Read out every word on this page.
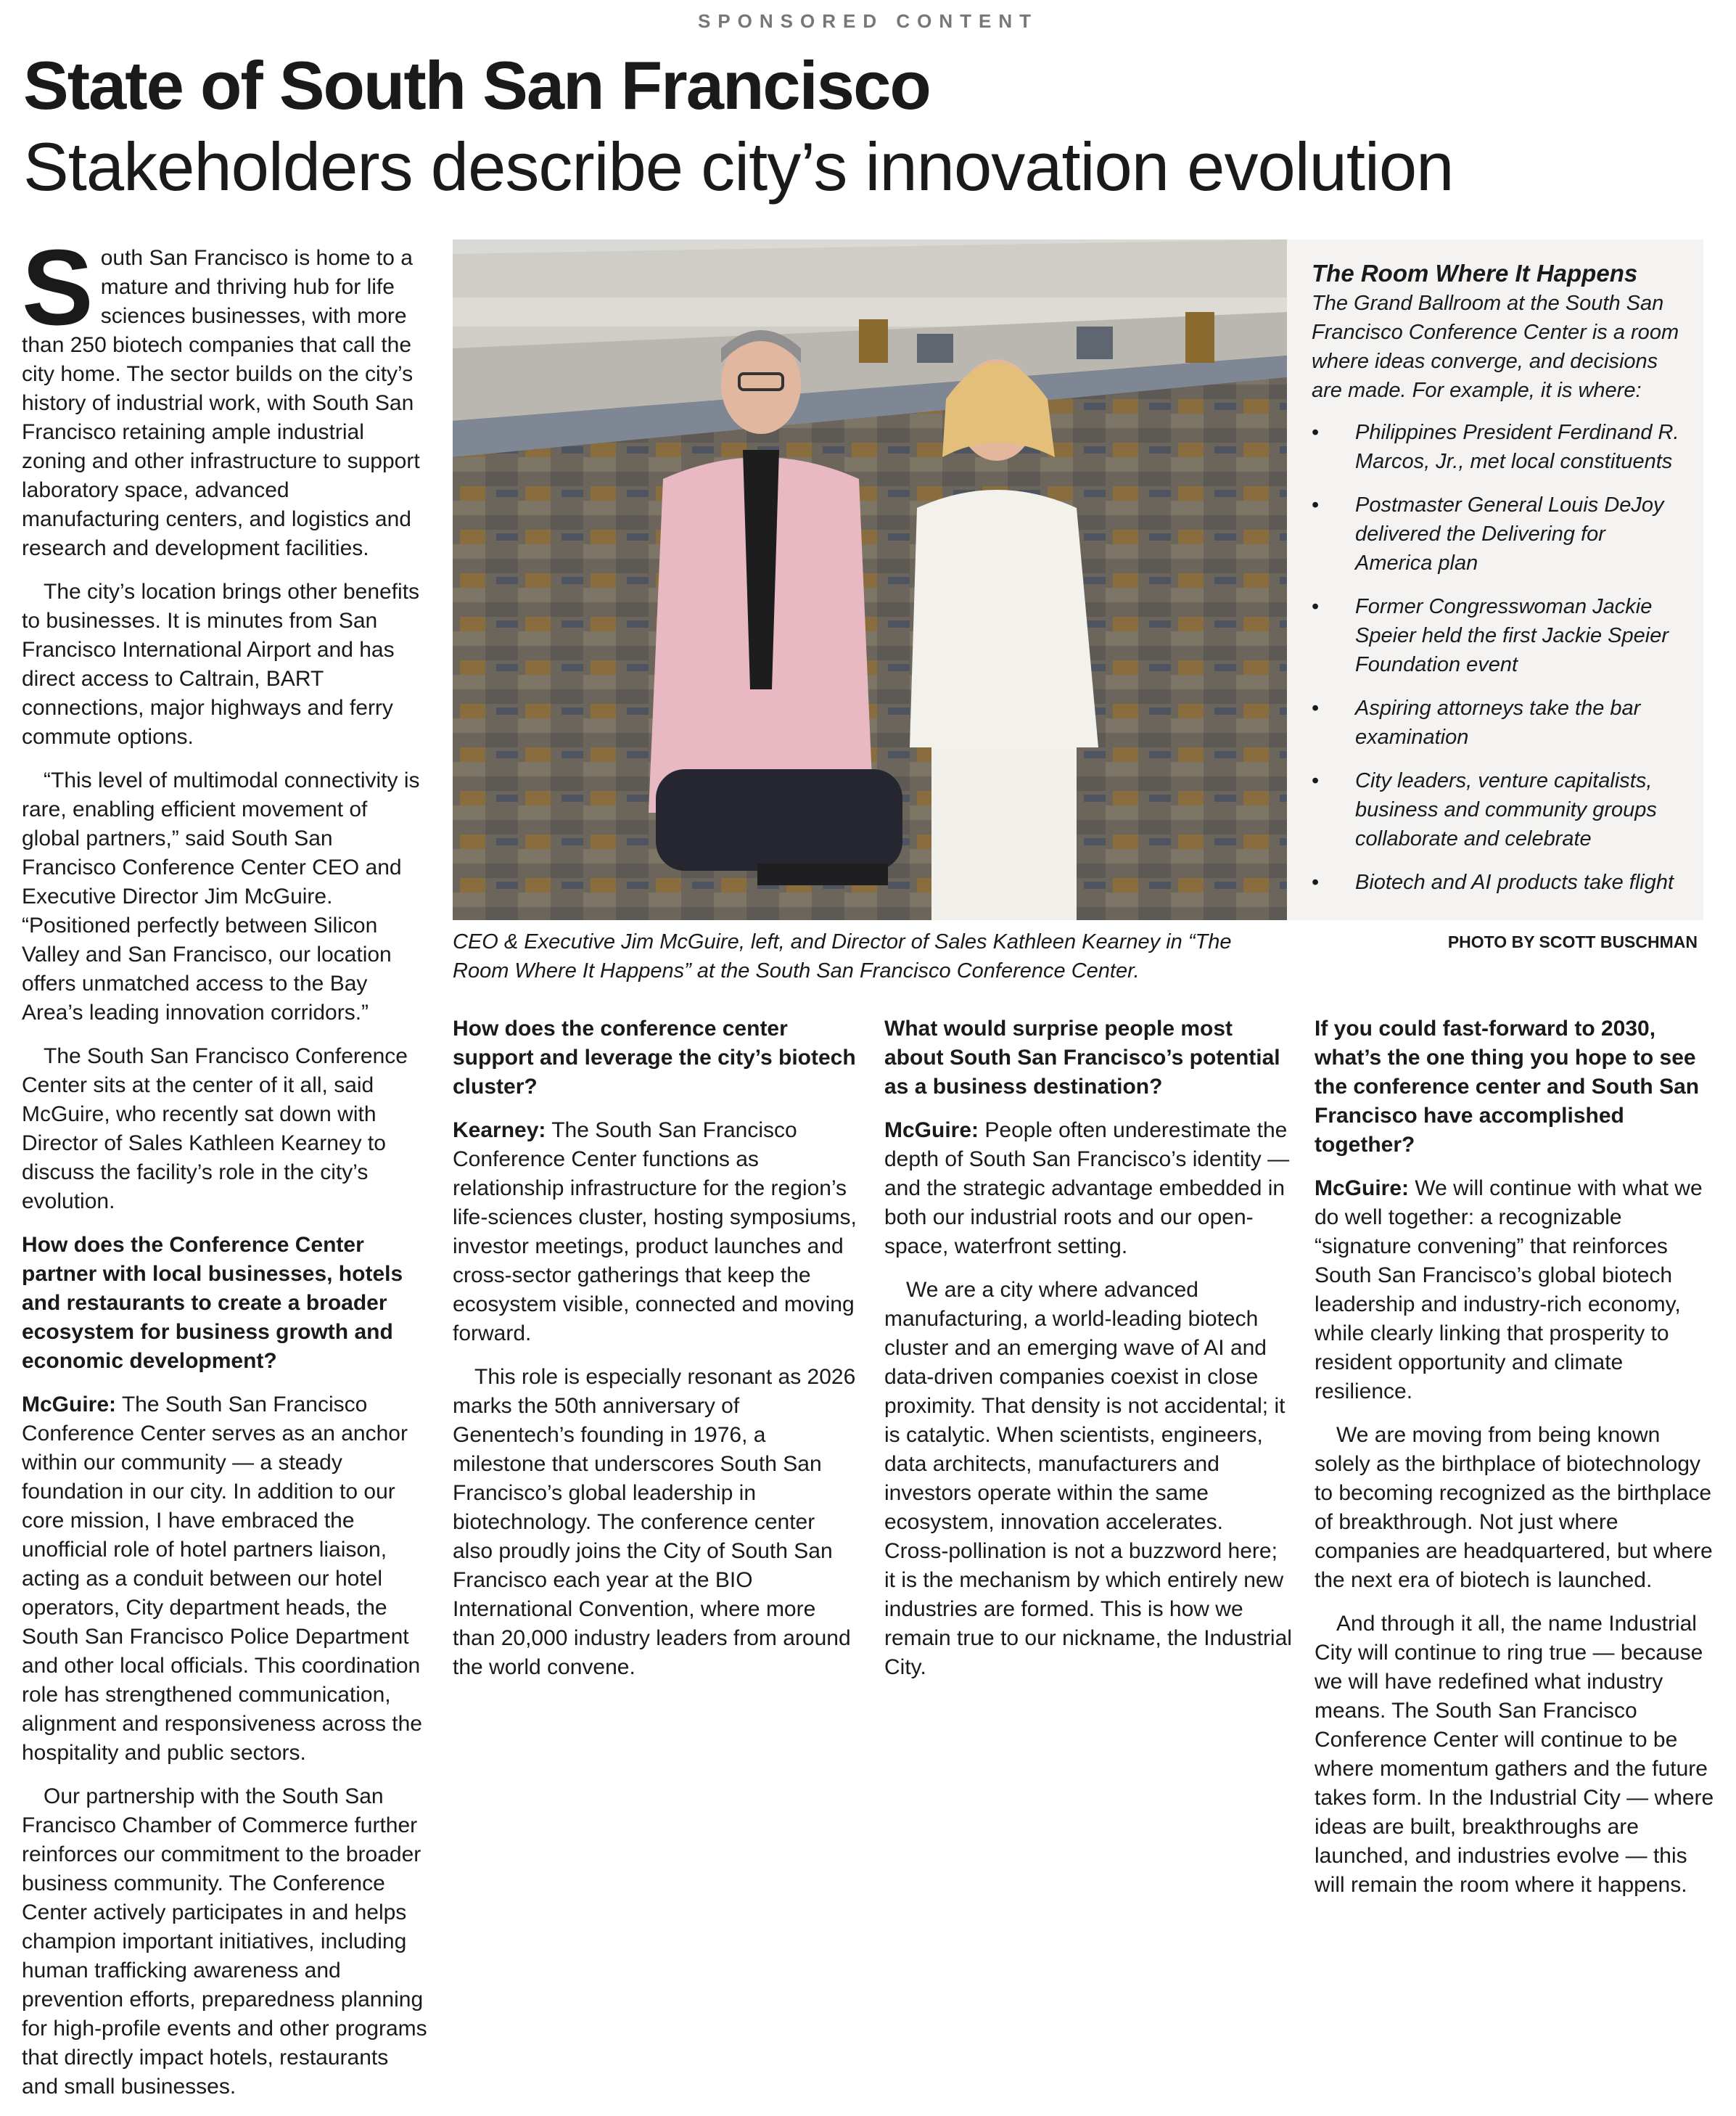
SPONSORED CONTENT
State of South San Francisco
Stakeholders describe city’s innovation evolution

South San Francisco is home to a mature and thriving hub for life sciences businesses, with more than 250 biotech companies that call the city home. The sector builds on the city’s history of industrial work, with South San Francisco retaining ample industrial zoning and other infrastructure to support laboratory space, advanced manufacturing centers, and logistics and research and development facilities.

The city’s location brings other benefits to businesses. It is minutes from San Francisco International Airport and has direct access to Caltrain, BART connections, major highways and ferry commute options.

“This level of multimodal connectivity is rare, enabling efficient movement of global partners,” said South San Francisco Conference Center CEO and Executive Director Jim McGuire. “Positioned perfectly between Silicon Valley and San Francisco, our location offers unmatched access to the Bay Area’s leading innovation corridors.”

The South San Francisco Conference Center sits at the center of it all, said McGuire, who recently sat down with Director of Sales Kathleen Kearney to discuss the facility’s role in the city’s evolution.

How does the Conference Center partner with local businesses, hotels and restaurants to create a broader ecosystem for business growth and economic development?

McGuire: The South San Francisco Conference Center serves as an anchor within our community — a steady foundation in our city. In addition to our core mission, I have embraced the unofficial role of hotel partners liaison, acting as a conduit between our hotel operators, City department heads, the South San Francisco Police Department and other local officials. This coordination role has strengthened communication, alignment and responsiveness across the hospitality and public sectors.

Our partnership with the South San Francisco Chamber of Commerce further reinforces our commitment to the broader business community. The Conference Center actively participates in and helps champion important initiatives, including human trafficking awareness and prevention efforts, preparedness planning for high-profile events and other programs that directly impact hotels, restaurants and small businesses.

The Room Where It Happens

The Grand Ballroom at the South San Francisco Conference Center is a room where ideas converge, and decisions are made. For example, it is where:

• Philippines President Ferdinand R. Marcos, Jr., met local constituents
• Postmaster General Louis DeJoy delivered the Delivering for America plan
• Former Congresswoman Jackie Speier held the first Jackie Speier Foundation event
• Aspiring attorneys take the bar examination
• City leaders, venture capitalists, business and community groups collaborate and celebrate
• Biotech and AI products take flight

CEO & Executive Jim McGuire, left, and Director of Sales Kathleen Kearney in “The Room Where It Happens” at the South San Francisco Conference Center.

PHOTO BY SCOTT BUSCHMAN

How does the conference center support and leverage the city’s biotech cluster?

Kearney: The South San Francisco Conference Center functions as relationship infrastructure for the region’s life-sciences cluster, hosting symposiums, investor meetings, product launches and cross-sector gatherings that keep the ecosystem visible, connected and moving forward.

This role is especially resonant as 2026 marks the 50th anniversary of Genentech’s founding in 1976, a milestone that underscores South San Francisco’s global leadership in biotechnology. The conference center also proudly joins the City of South San Francisco each year at the BIO International Convention, where more than 20,000 industry leaders from around the world convene.

What would surprise people most about South San Francisco’s potential as a business destination?

McGuire: People often underestimate the depth of South San Francisco’s identity — and the strategic advantage embedded in both our industrial roots and our open-space, waterfront setting.

We are a city where advanced manufacturing, a world-leading biotech cluster and an emerging wave of AI and data-driven companies coexist in close proximity. That density is not accidental; it is catalytic. When scientists, engineers, data architects, manufacturers and investors operate within the same ecosystem, innovation accelerates. Cross-pollination is not a buzzword here; it is the mechanism by which entirely new industries are formed. This is how we remain true to our nickname, the Industrial City.

If you could fast-forward to 2030, what’s the one thing you hope to see the conference center and South San Francisco have accomplished together?

McGuire: We will continue with what we do well together: a recognizable “signature convening” that reinforces South San Francisco’s global biotech leadership and industry-rich economy, while clearly linking that prosperity to resident opportunity and climate resilience.

We are moving from being known solely as the birthplace of biotechnology to becoming recognized as the birthplace of breakthrough. Not just where companies are headquartered, but where the next era of biotech is launched.

And through it all, the name Industrial City will continue to ring true — because we will have redefined what industry means. The South San Francisco Conference Center will continue to be where momentum gathers and the future takes form. In the Industrial City — where ideas are built, breakthroughs are launched, and industries evolve — this will remain the room where it happens.
